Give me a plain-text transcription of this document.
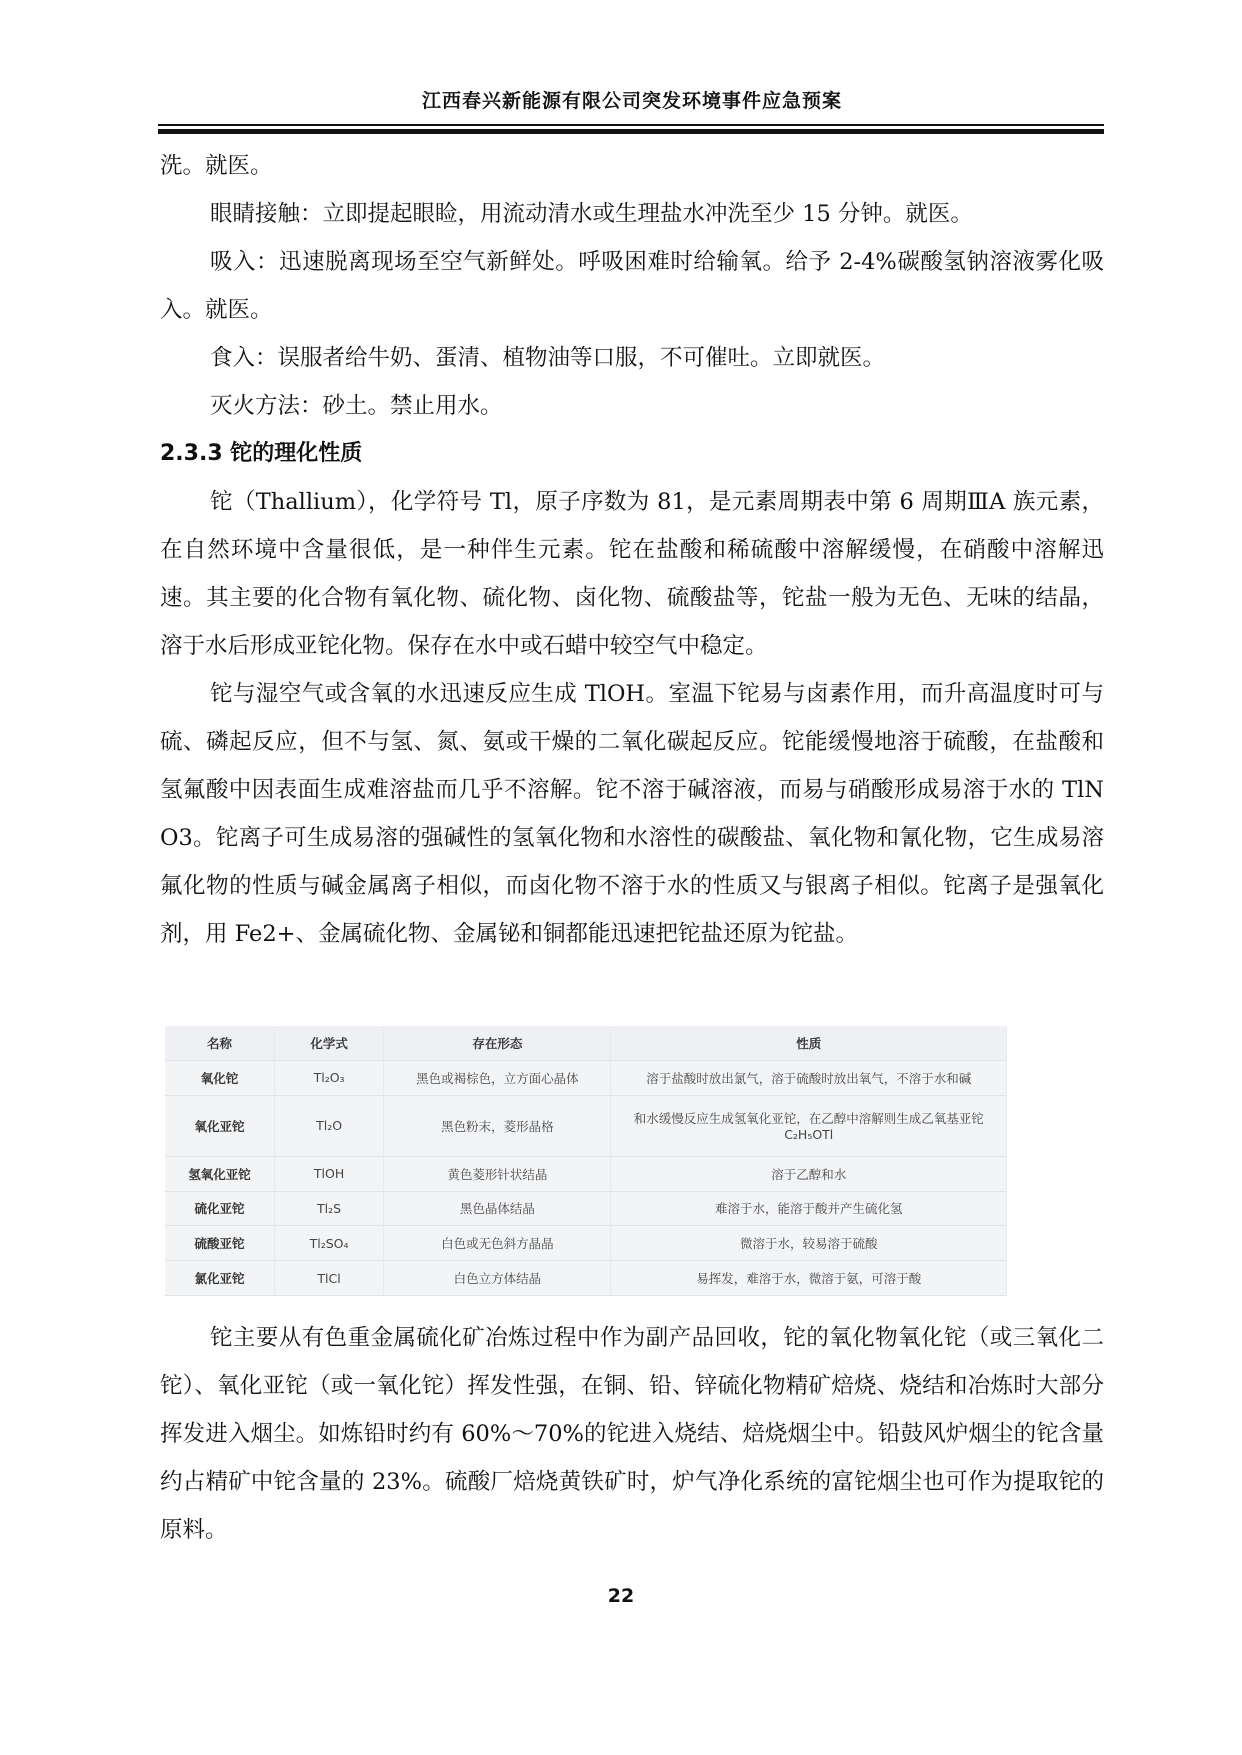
江西春兴新能源有限公司突发环境事件应急预案

洗。就医。

眼睛接触：立即提起眼睑，用流动清水或生理盐水冲洗至少 15 分钟。就医。

吸入：迅速脱离现场至空气新鲜处。呼吸困难时给输氧。给予 2-4%碳酸氢钠溶液雾化吸入。就医。

食入：误服者给牛奶、蛋清、植物油等口服，不可催吐。立即就医。

灭火方法：砂土。禁止用水。

2.3.3 铊的理化性质

铊（Thallium），化学符号 Tl，原子序数为 81，是元素周期表中第 6 周期ⅢA 族元素，在自然环境中含量很低，是一种伴生元素。铊在盐酸和稀硫酸中溶解缓慢，在硝酸中溶解迅速。其主要的化合物有氧化物、硫化物、卤化物、硫酸盐等，铊盐一般为无色、无味的结晶，溶于水后形成亚铊化物。保存在水中或石蜡中较空气中稳定。

铊与湿空气或含氧的水迅速反应生成 TlOH。室温下铊易与卤素作用，而升高温度时可与硫、磷起反应，但不与氢、氮、氨或干燥的二氧化碳起反应。铊能缓慢地溶于硫酸，在盐酸和氢氟酸中因表面生成难溶盐而几乎不溶解。铊不溶于碱溶液，而易与硝酸形成易溶于水的 TlNO3。铊离子可生成易溶的强碱性的氢氧化物和水溶性的碳酸盐、氧化物和氰化物，它生成易溶氟化物的性质与碱金属离子相似，而卤化物不溶于水的性质又与银离子相似。铊离子是强氧化剂，用 Fe2+、金属硫化物、金属铋和铜都能迅速把铊盐还原为铊盐。

名称	化学式	存在形态	性质
氧化铊	Tl₂O₃	黑色或褐棕色，立方面心晶体	溶于盐酸时放出氯气，溶于硫酸时放出氧气，不溶于水和碱
氧化亚铊	Tl₂O	黑色粉末，菱形晶格	和水缓慢反应生成氢氧化亚铊，在乙醇中溶解则生成乙氧基亚铊 C₂H₅OTl
氢氧化亚铊	TlOH	黄色菱形针状结晶	溶于乙醇和水
硫化亚铊	Tl₂S	黑色晶体结晶	难溶于水，能溶于酸并产生硫化氢
硫酸亚铊	Tl₂SO₄	白色或无色斜方晶晶	微溶于水，较易溶于硫酸
氯化亚铊	TlCl	白色立方体结晶	易挥发，难溶于水，微溶于氨，可溶于酸

铊主要从有色重金属硫化矿冶炼过程中作为副产品回收，铊的氧化物氧化铊（或三氧化二铊）、氧化亚铊（或一氧化铊）挥发性强，在铜、铅、锌硫化物精矿焙烧、烧结和冶炼时大部分挥发进入烟尘。如炼铅时约有 60%～70%的铊进入烧结、焙烧烟尘中。铅鼓风炉烟尘的铊含量约占精矿中铊含量的 23%。硫酸厂焙烧黄铁矿时，炉气净化系统的富铊烟尘也可作为提取铊的原料。

22
